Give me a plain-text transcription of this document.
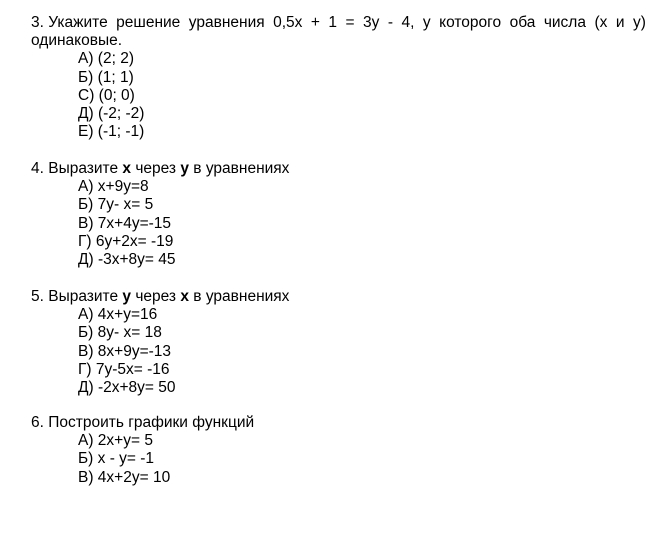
3. Укажите решение уравнения 0,5x + 1 = 3y - 4, у которого оба числа (x и y)
одинаковые.
А) (2; 2)
Б) (1; 1)
С) (0; 0)
Д) (-2; -2)
Е) (-1; -1)
4. Выразите x через y в уравнениях
А) x+9y=8
Б) 7y- x= 5
В) 7x+4y=-15
Г) 6y+2x= -19
Д) -3x+8y= 45
5. Выразите y через x в уравнениях
А) 4x+y=16
Б) 8y- x= 18
В) 8x+9y=-13
Г) 7y-5x= -16
Д) -2x+8y= 50
6. Построить графики функций
А) 2x+y= 5
Б) x - y= -1
В) 4x+2y= 10
